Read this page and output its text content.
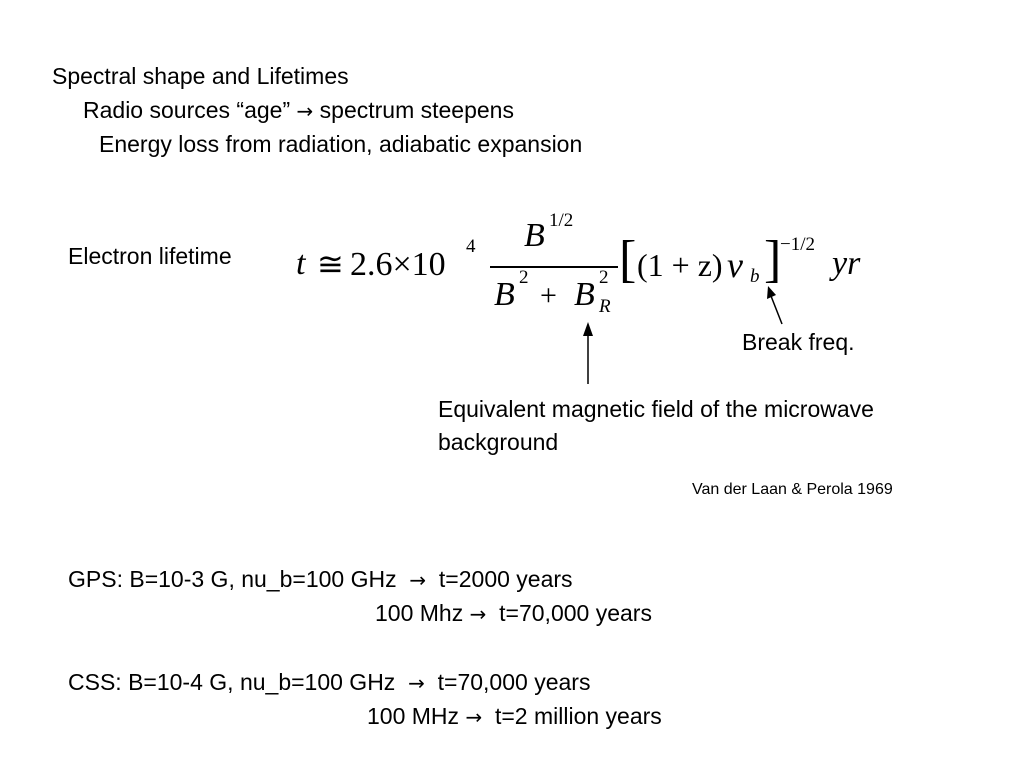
Spectral shape and Lifetimes
Radio sources “age” → spectrum steepens
Energy loss from radiation, adiabatic expansion
Electron lifetime t ≅ 2.6×10 4 B 1/2
B 2
+ B 2
R
[ (1 + z) ν b ]
−1/2
yr
Break freq.
Equivalent magnetic field of the microwave
background
Van der Laan & Perola 1969
GPS: B=10-3 G, nu_b=100 GHz → t=2000 years
100 Mhz → t=70,000 years
CSS: B=10-4 G, nu_b=100 GHz → t=70,000 years
100 MHz → t=2 million years
